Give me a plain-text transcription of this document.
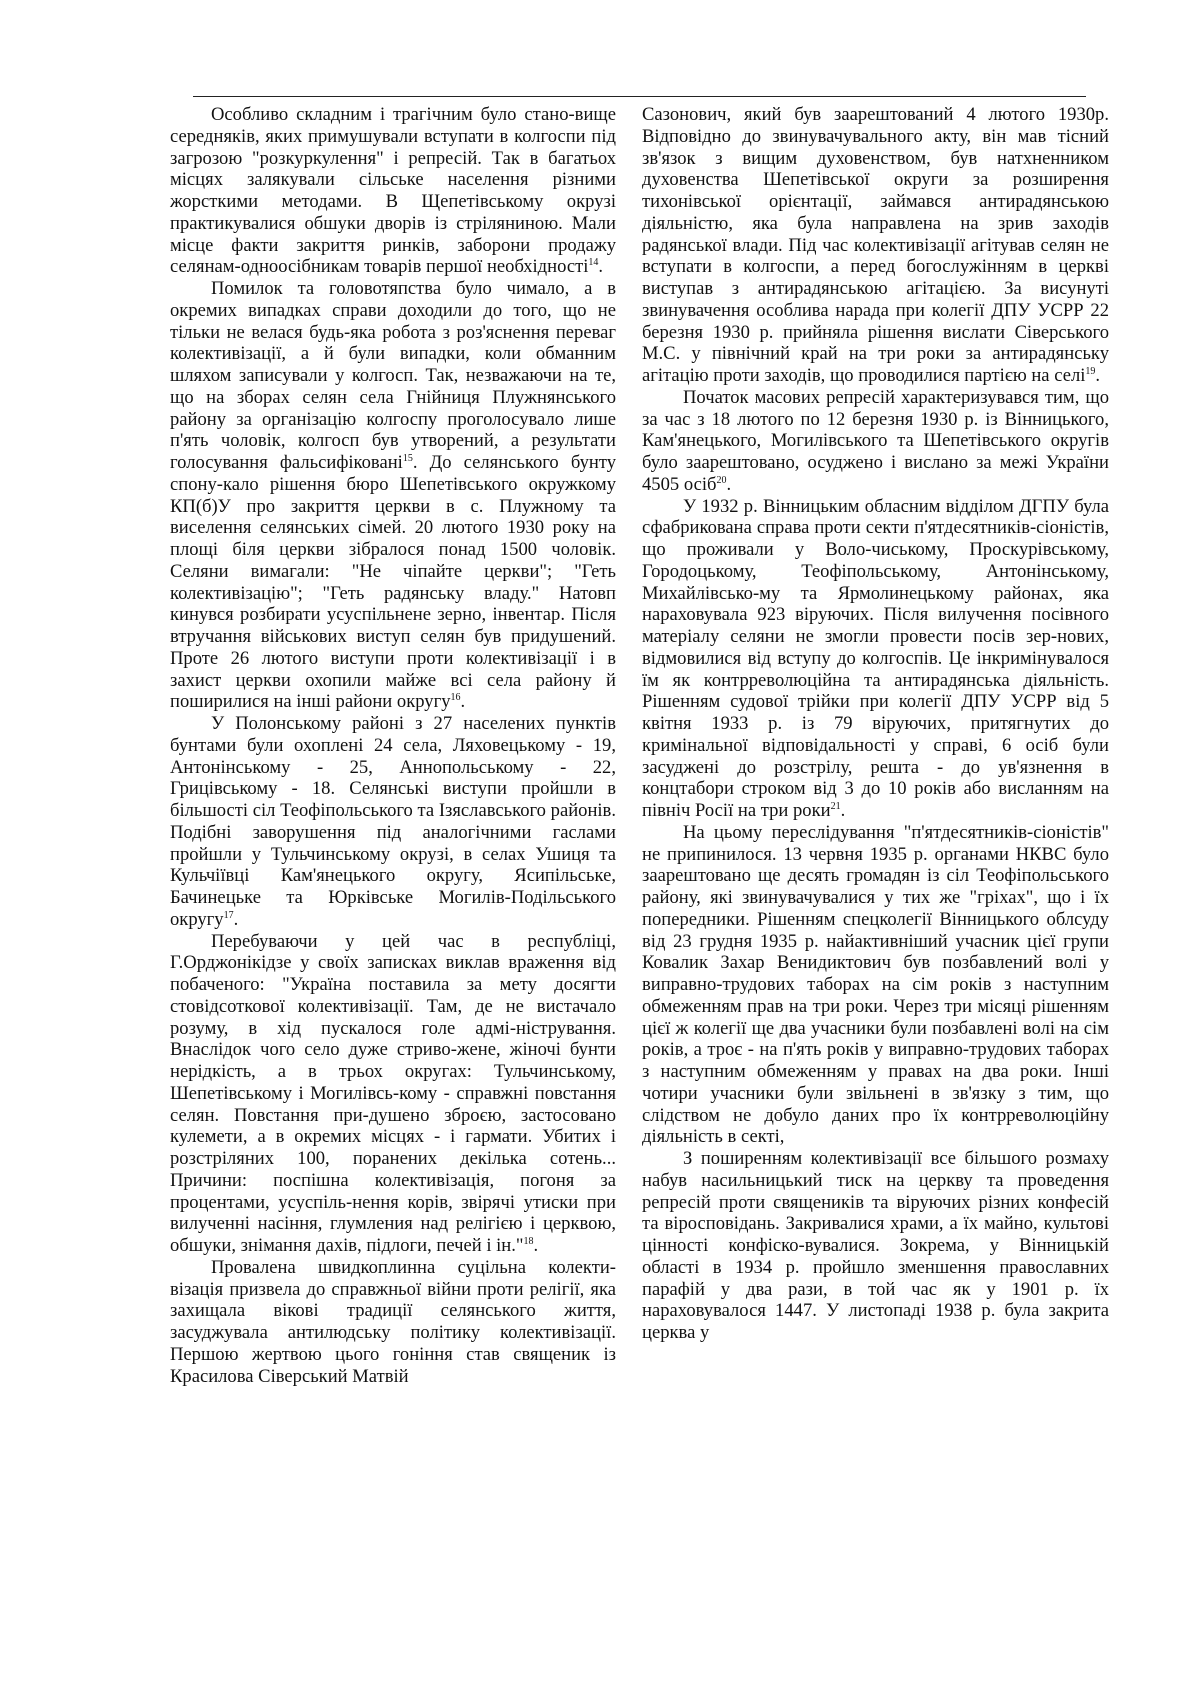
Особливо складним і трагічним було стано-вище середняків, яких примушували вступати в колгоспи під загрозою "розкуркулення" і репресій. Так в багатьох місцях залякували сільське населення різними жорсткими методами. В Щепетівському окрузі практикувалися обшуки дворів із стріляниною. Мали місце факти закриття ринків, заборони продажу селянам-одноосібникам товарів першої необхідності$^{14}$.

Помилок та головотяпства було чимало, а в окремих випадках справи доходили до того, що не тільки не велася будь-яка робота з роз'яснення переваг колективізації, а й були випадки, коли обманним шляхом записували у колгосп. Так, незважаючи на те, що на зборах селян села Гнійниця Плужнянського району за організацію колгоспу проголосувало лише п'ять чоловік, колгосп був утворений, а результати голосування фальсифіковані$^{15}$. До селянського бунту спону-кало рішення бюро Шепетівського окружкому КП(б)У про закриття церкви в с. Плужному та виселення селянських сімей. 20 лютого 1930 року на площі біля церкви зібралося понад 1500 чоловік. Селяни вимагали: "Не чіпайте церкви"; "Геть колективізацію"; "Геть радянську владу." Натовп кинувся розбирати усуспільнене зерно, інвентар. Після втручання військових виступ селян був придушений. Проте 26 лютого виступи проти колективізації і в захист церкви охопили майже всі села району й поширилися на інші райони округу$^{16}$.

У Полонському районі з 27 населених пунктів бунтами були охоплені 24 села, Ляховецькому - 19, Антонінському - 25, Аннопольському - 22, Грицівському - 18. Селянські виступи пройшли в більшості сіл Теофіпольського та Ізяславського районів. Подібні заворушення під аналогічними гаслами пройшли у Тульчинському окрузі, в селах Ушиця та Кульчіївці Кам'янецького округу, Ясипільське, Бачинецьке та Юрківське Могилів-Подільського округу$^{17}$.

Перебуваючи у цей час в республіці, Г.Орджонікідзе у своїх записках виклав враження від побаченого: "Україна поставила за мету досягти стовідсоткової колективізації. Там, де не вистачало розуму, в хід пускалося голе адмі-ністрування. Внаслідок чого село дуже стриво-жене, жіночі бунти нерідкість, а в трьох округах: Тульчинському, Шепетівському і Могилівсь-кому - справжні повстання селян. Повстання при-душено зброєю, застосовано кулемети, а в окремих місцях - і гармати. Убитих і розстріляних 100, поранених декілька сотень... Причини: поспішна колективізація, погоня за процентами, усуспіль-нення корів, звірячі утиски при вилученні насіння, глумления над релігією і церквою, обшуки, знімання дахів, підлоги, печей і ін."$^{18}$.

Провалена швидкоплинна суцільна колекти-візація призвела до справжньої війни проти релігії, яка захищала вікові традиції селянського життя, засуджувала антилюдську політику колективізації. Першою жертвою цього гоніння став священик із Красилова Сіверський Матвій

Сазонович, який був заарештований 4 лютого 1930р. Відповідно до звинувачувального акту, він мав тісний зв'язок з вищим духовенством, був натхненником духовенства Шепетівської округи за розширення тихонівської орієнтації, займався антирадянською діяльністю, яка була направлена на зрив заходів радянської влади. Під час колективізації агітував селян не вступати в колгоспи, а перед богослужінням в церкві виступав з антирадянською агітацією. За висунуті звинувачення особлива нарада при колегії ДПУ УСРР 22 березня 1930 р. прийняла рішення вислати Сіверського М.С. у північний край на три роки за антирадянську агітацію проти заходів, що проводилися партією на селі$^{19}$.

Початок масових репресій характеризувався тим, що за час з 18 лютого по 12 березня 1930 р. із Вінницького, Кам'янецького, Могилівського та Шепетівського округів було заарештовано, осуджено і вислано за межі України 4505 осіб$^{20}$.

У 1932 р. Вінницьким обласним відділом ДГПУ була сфабрикована справа проти секти п'ятдесятників-сіоністів, що проживали у Воло-чиському, Проскурівському, Городоцькому, Теофіпольському, Антонінському, Михайлівсько-му та Ярмолинецькому районах, яка нараховувала 923 віруючих. Після вилучення посівного матеріалу селяни не змогли провести посів зер-нових, відмовилися від вступу до колгоспів. Це інкримінувалося їм як контрреволюційна та антирадянська діяльність. Рішенням судової трійки при колегії ДПУ УСРР від 5 квітня 1933 р. із 79 віруючих, притягнутих до кримінальної відповідальності у справі, 6 осіб були засуджені до розстрілу, решта - до ув'язнення в концтабори строком від 3 до 10 років або висланням на північ Росії на три роки$^{21}$.

На цьому переслідування "п'ятдесятників-сіоністів" не припинилося. 13 червня 1935 р. органами НКВС було заарештовано ще десять громадян із сіл Теофіпольського району, які звинувачувалися у тих же "гріхах", що і їх попередники. Рішенням спецколегії Вінницького облсуду від 23 грудня 1935 р. найактивніший учасник цієї групи Ковалик Захар Венидиктович був позбавлений волі у виправно-трудових таборах на сім років з наступним обмеженням прав на три роки. Через три місяці рішенням цієї ж колегії ще два учасники були позбавлені волі на сім років, а троє - на п'ять років у виправно-трудових таборах з наступним обмеженням у правах на два роки. Інші чотири учасники були звільнені в зв'язку з тим, що слідством не добуло даних про їх контрреволюційну діяльність в секті,

З поширенням колективізації все більшого розмаху набув насильницький тиск на церкву та проведення репресій проти священиків та віруючих різних конфесій та віросповідань. Закривалися храми, а їх майно, культові цінності конфіско-вувалися. Зокрема, у Вінницькій області в 1934 р. пройшло зменшення православних парафій у два рази, в той час як у 1901 р. їх нараховувалося 1447. У листопаді 1938 р. була закрита церква у
